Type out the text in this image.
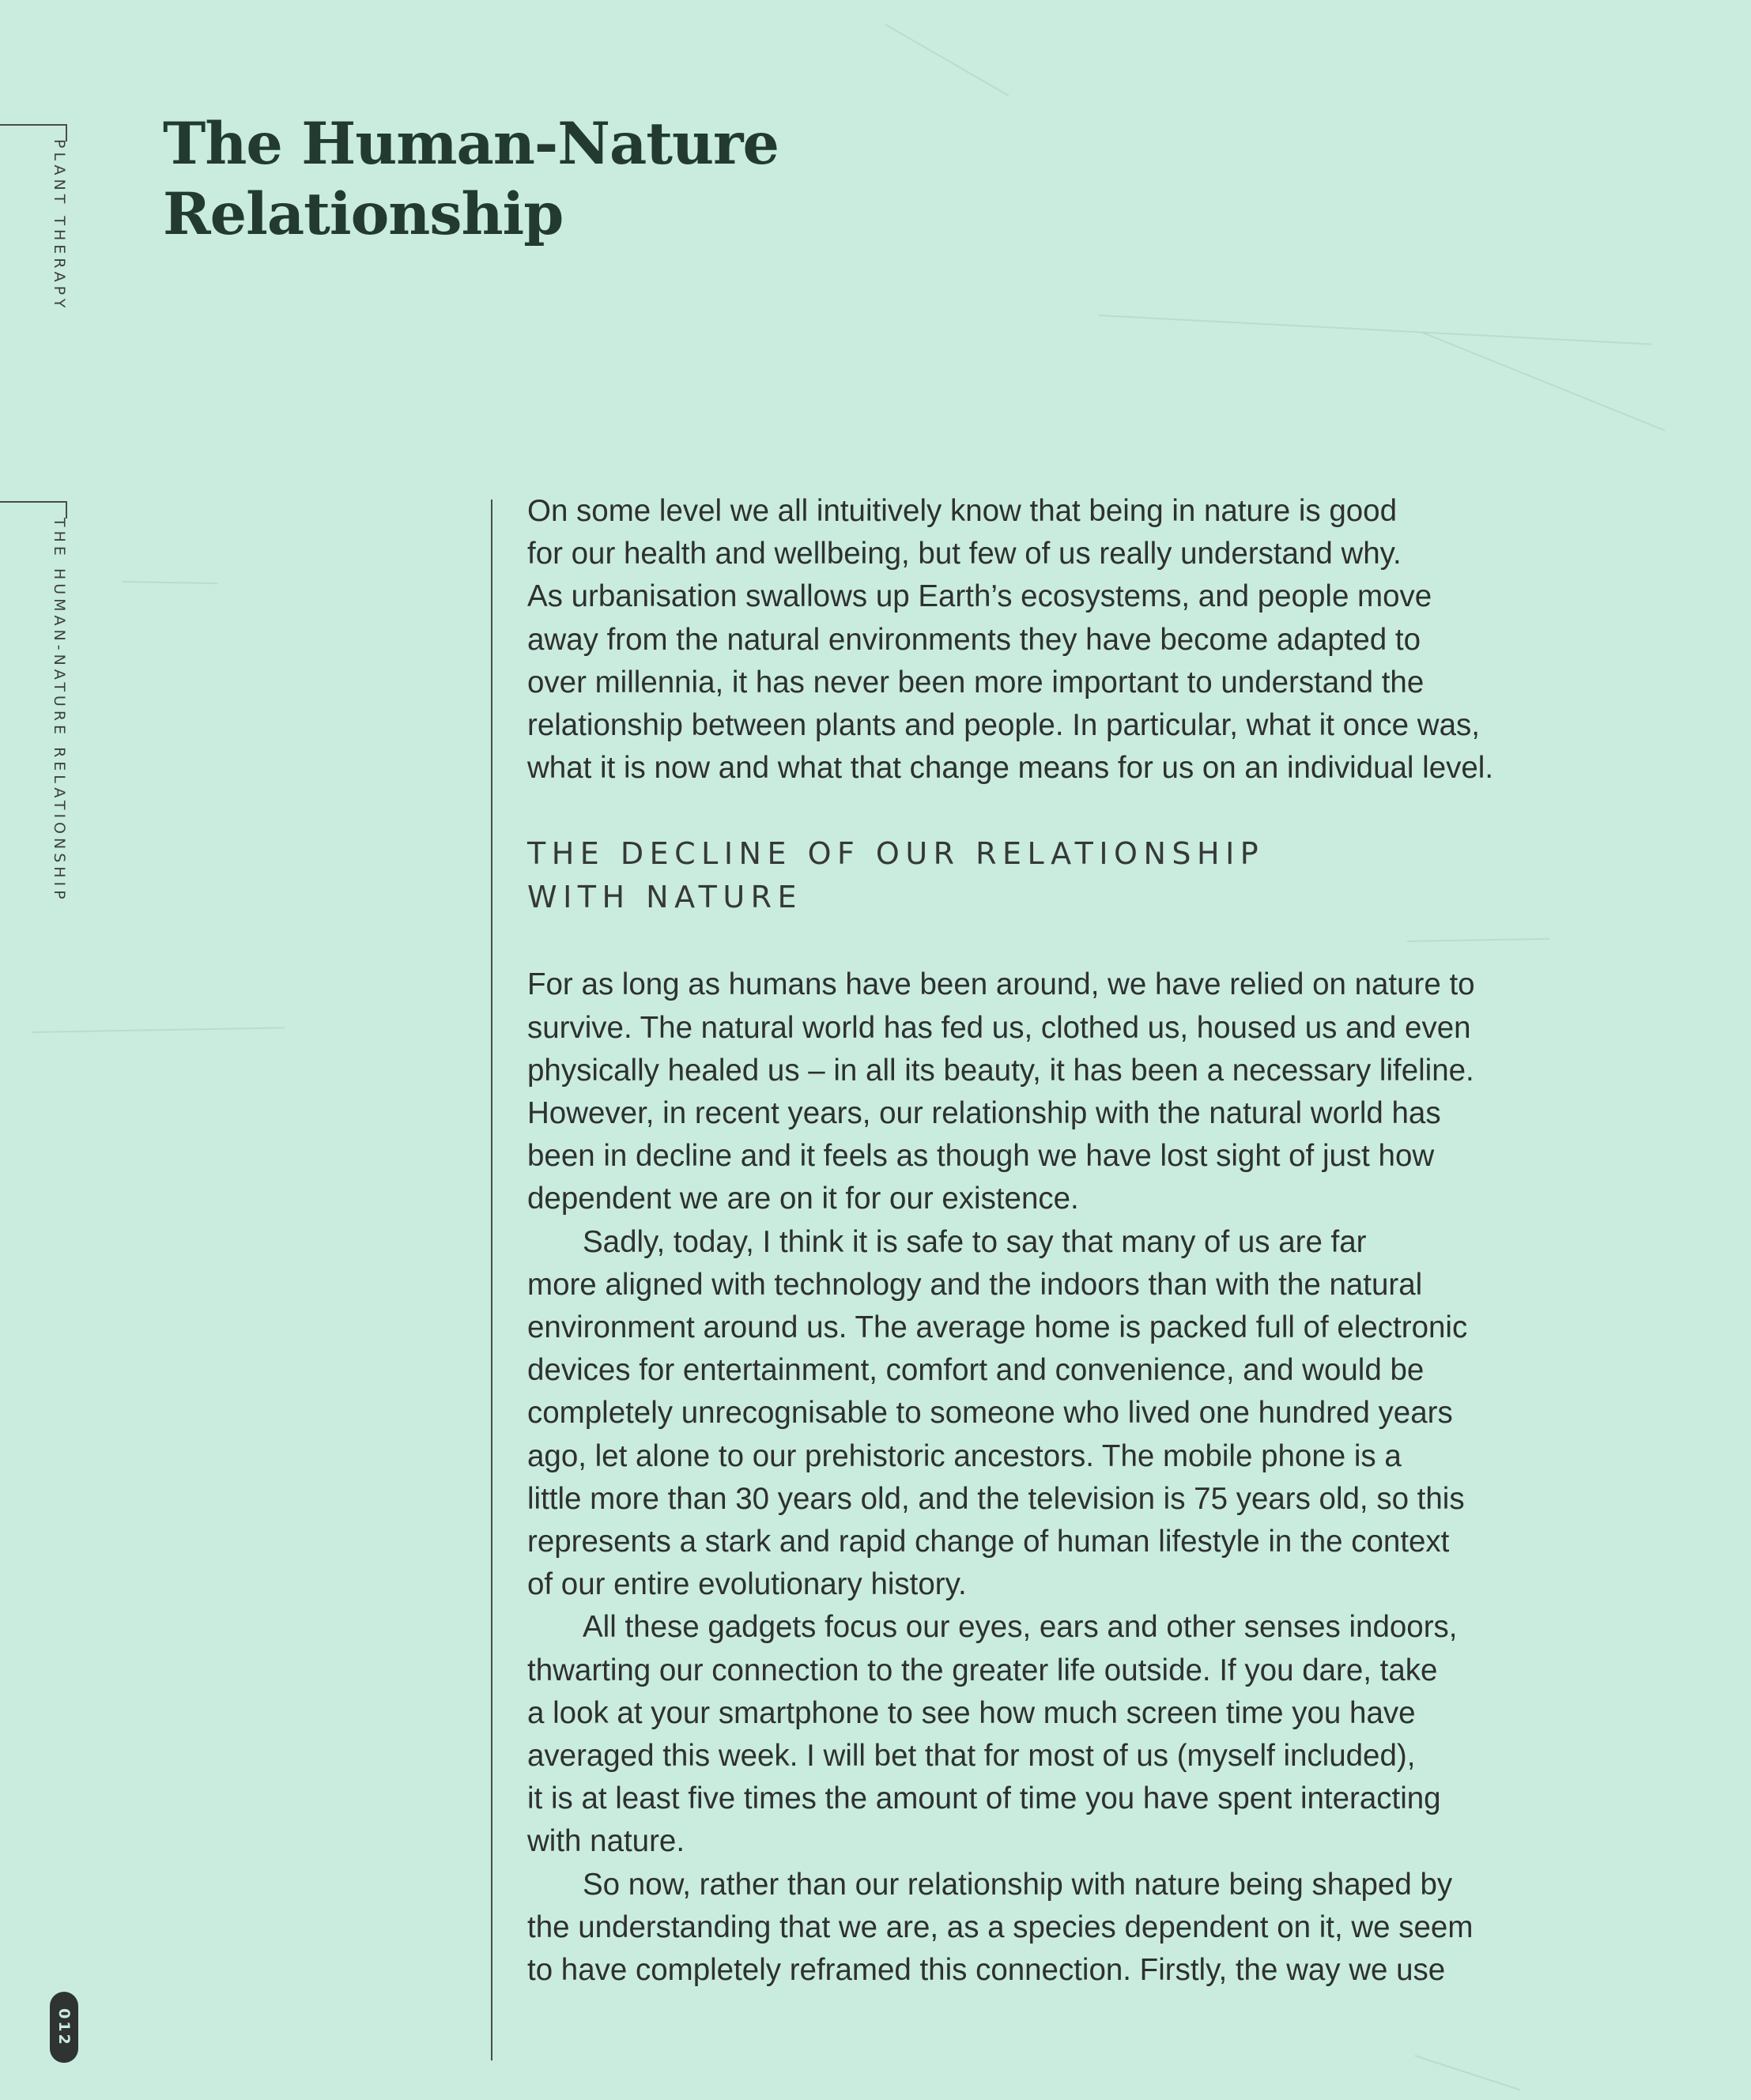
PLANT THERAPY
THE HUMAN-NATURE RELATIONSHIP
012
The Human-Nature
Relationship

On some level we all intuitively know that being in nature is good
for our health and wellbeing, but few of us really understand why.
As urbanisation swallows up Earth’s ecosystems, and people move
away from the natural environments they have become adapted to
over millennia, it has never been more important to understand the
relationship between plants and people. In particular, what it once was,
what it is now and what that change means for us on an individual level.

THE DECLINE OF OUR RELATIONSHIP
WITH NATURE

For as long as humans have been around, we have relied on nature to
survive. The natural world has fed us, clothed us, housed us and even
physically healed us – in all its beauty, it has been a necessary lifeline.
However, in recent years, our relationship with the natural world has
been in decline and it feels as though we have lost sight of just how
dependent we are on it for our existence.

Sadly, today, I think it is safe to say that many of us are far
more aligned with technology and the indoors than with the natural
environment around us. The average home is packed full of electronic
devices for entertainment, comfort and convenience, and would be
completely unrecognisable to someone who lived one hundred years
ago, let alone to our prehistoric ancestors. The mobile phone is a
little more than 30 years old, and the television is 75 years old, so this
represents a stark and rapid change of human lifestyle in the context
of our entire evolutionary history.

All these gadgets focus our eyes, ears and other senses indoors,
thwarting our connection to the greater life outside. If you dare, take
a look at your smartphone to see how much screen time you have
averaged this week. I will bet that for most of us (myself included),
it is at least five times the amount of time you have spent interacting
with nature.

So now, rather than our relationship with nature being shaped by
the understanding that we are, as a species dependent on it, we seem
to have completely reframed this connection. Firstly, the way we use
